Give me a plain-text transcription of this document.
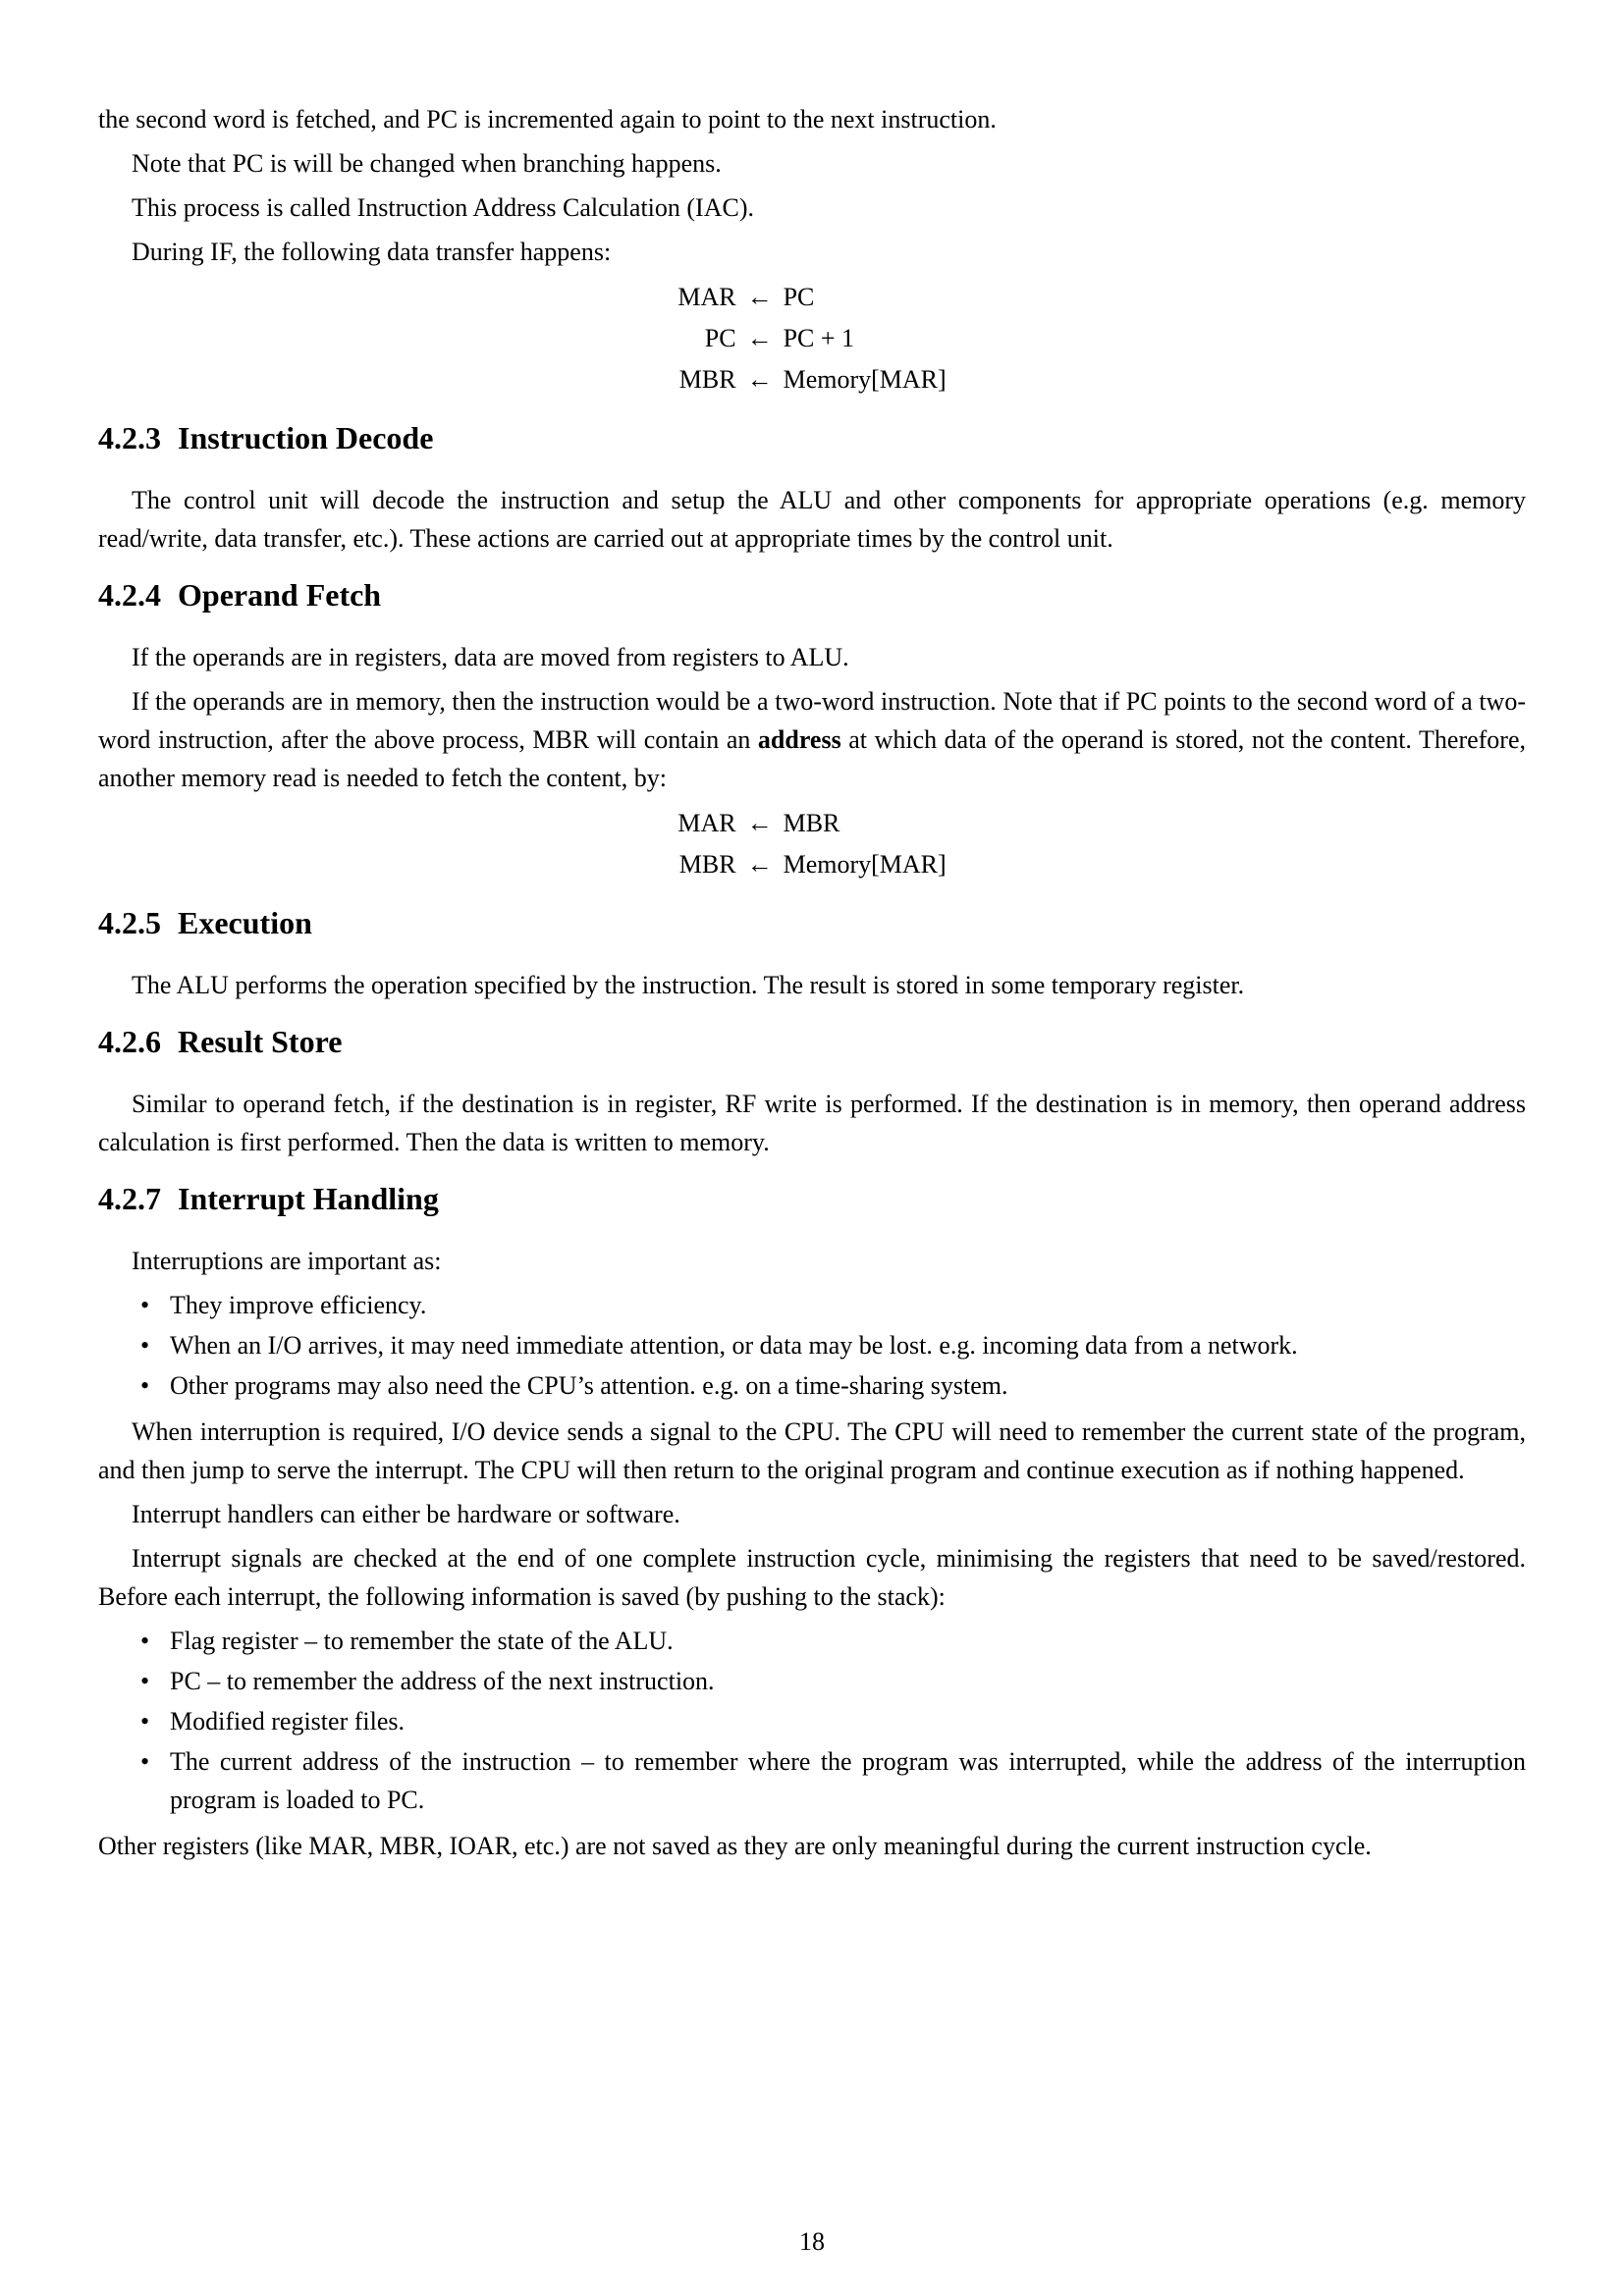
the second word is fetched, and PC is incremented again to point to the next instruction.

Note that PC is will be changed when branching happens.

This process is called Instruction Address Calculation (IAC).

During IF, the following data transfer happens:

MAR	←	PC
PC	←	PC + 1
MBR	←	Memory[MAR]
4.2.3 Instruction Decode

The control unit will decode the instruction and setup the ALU and other components for appropriate operations (e.g. memory read/write, data transfer, etc.). These actions are carried out at appropriate times by the control unit.

4.2.4 Operand Fetch

If the operands are in registers, data are moved from registers to ALU.

If the operands are in memory, then the instruction would be a two-word instruction. Note that if PC points to the second word of a two-word instruction, after the above process, MBR will contain an address at which data of the operand is stored, not the content. Therefore, another memory read is needed to fetch the content, by:

MAR	←	MBR
MBR	←	Memory[MAR]
4.2.5 Execution

The ALU performs the operation specified by the instruction. The result is stored in some temporary register.

4.2.6 Result Store

Similar to operand fetch, if the destination is in register, RF write is performed. If the destination is in memory, then operand address calculation is first performed. Then the data is written to memory.

4.2.7 Interrupt Handling

Interruptions are important as:

• They improve efficiency.
• When an I/O arrives, it may need immediate attention, or data may be lost. e.g. incoming data from a network.
• Other programs may also need the CPU’s attention. e.g. on a time-sharing system.

When interruption is required, I/O device sends a signal to the CPU. The CPU will need to remember the current state of the program, and then jump to serve the interrupt. The CPU will then return to the original program and continue execution as if nothing happened.

Interrupt handlers can either be hardware or software.

Interrupt signals are checked at the end of one complete instruction cycle, minimising the registers that need to be saved/restored. Before each interrupt, the following information is saved (by pushing to the stack):

• Flag register – to remember the state of the ALU.
• PC – to remember the address of the next instruction.
• Modified register files.
• The current address of the instruction – to remember where the program was interrupted, while the address of the interruption program is loaded to PC.

Other registers (like MAR, MBR, IOAR, etc.) are not saved as they are only meaningful during the current instruction cycle.

18
